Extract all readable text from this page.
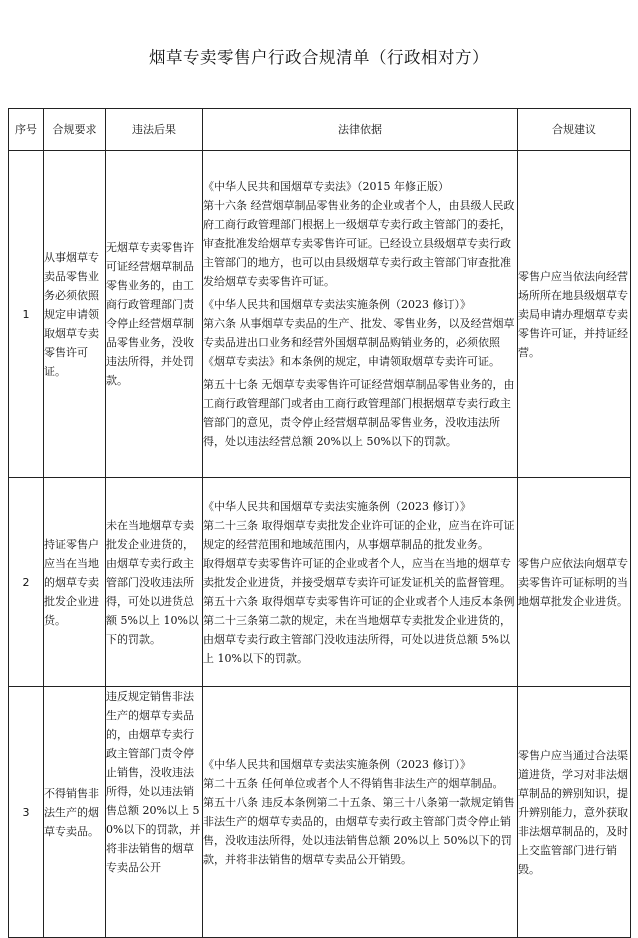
烟草专卖零售户行政合规清单（行政相对方）
序号	合规要求	违法后果	法律依据	合规建议
1	从事烟草专卖品零售业务必须依照规定申请领取烟草专卖零售许可证。	无烟草专卖零售许可证经营烟草制品零售业务的，由工商行政管理部门责令停止经营烟草制品零售业务，没收违法所得，并处罚款。	《中华人民共和国烟草专卖法》（2015 年修正版）

第十六条 经营烟草制品零售业务的企业或者个人，由县级人民政府工商行政管理部门根据上一级烟草专卖行政主管部门的委托，审查批准发给烟草专卖零售许可证。已经设立县级烟草专卖行政主管部门的地方，也可以由县级烟草专卖行政主管部门审查批准发给烟草专卖零售许可证。

《中华人民共和国烟草专卖法实施条例（2023 修订）》

第六条 从事烟草专卖品的生产、批发、零售业务，以及经营烟草专卖品进出口业务和经营外国烟草制品购销业务的，必须依照《烟草专卖法》和本条例的规定，申请领取烟草专卖许可证。

第五十七条 无烟草专卖零售许可证经营烟草制品零售业务的，由工商行政管理部门或者由工商行政管理部门根据烟草专卖行政主管部门的意见，责令停止经营烟草制品零售业务，没收违法所得，处以违法经营总额 20%以上 50%以下的罚款。	零售户应当依法向经营场所所在地县级烟草专卖局申请办理烟草专卖零售许可证，并持证经营。
2	持证零售户应当在当地的烟草专卖批发企业进货。	未在当地烟草专卖批发企业进货的，由烟草专卖行政主管部门没收违法所得，可处以进货总额 5%以上 10%以下的罚款。	《中华人民共和国烟草专卖法实施条例（2023 修订）》

第二十三条 取得烟草专卖批发企业许可证的企业，应当在许可证规定的经营范围和地域范围内，从事烟草制品的批发业务。

取得烟草专卖零售许可证的企业或者个人，应当在当地的烟草专卖批发企业进货，并接受烟草专卖许可证发证机关的监督管理。

第五十六条 取得烟草专卖零售许可证的企业或者个人违反本条例第二十三条第二款的规定，未在当地烟草专卖批发企业进货的，由烟草专卖行政主管部门没收违法所得，可处以进货总额 5%以上 10%以下的罚款。	零售户应依法向烟草专卖零售许可证标明的当地烟草批发企业进货。
3	不得销售非法生产的烟草专卖品。	违反规定销售非法生产的烟草专卖品的，由烟草专卖行政主管部门责令停止销售，没收违法所得，处以违法销售总额 20%以上 50%以下的罚款，并将非法销售的烟草专卖品公开	《中华人民共和国烟草专卖法实施条例（2023 修订）》

第二十五条 任何单位或者个人不得销售非法生产的烟草制品。

第五十八条 违反本条例第二十五条、第三十八条第一款规定销售非法生产的烟草专卖品的，由烟草专卖行政主管部门责令停止销售，没收违法所得，处以违法销售总额 20%以上 50%以下的罚款，并将非法销售的烟草专卖品公开销毁。	零售户应当通过合法渠道进货，学习对非法烟草制品的辨别知识，提升辨别能力，意外获取非法烟草制品的，及时上交监管部门进行销毁。
